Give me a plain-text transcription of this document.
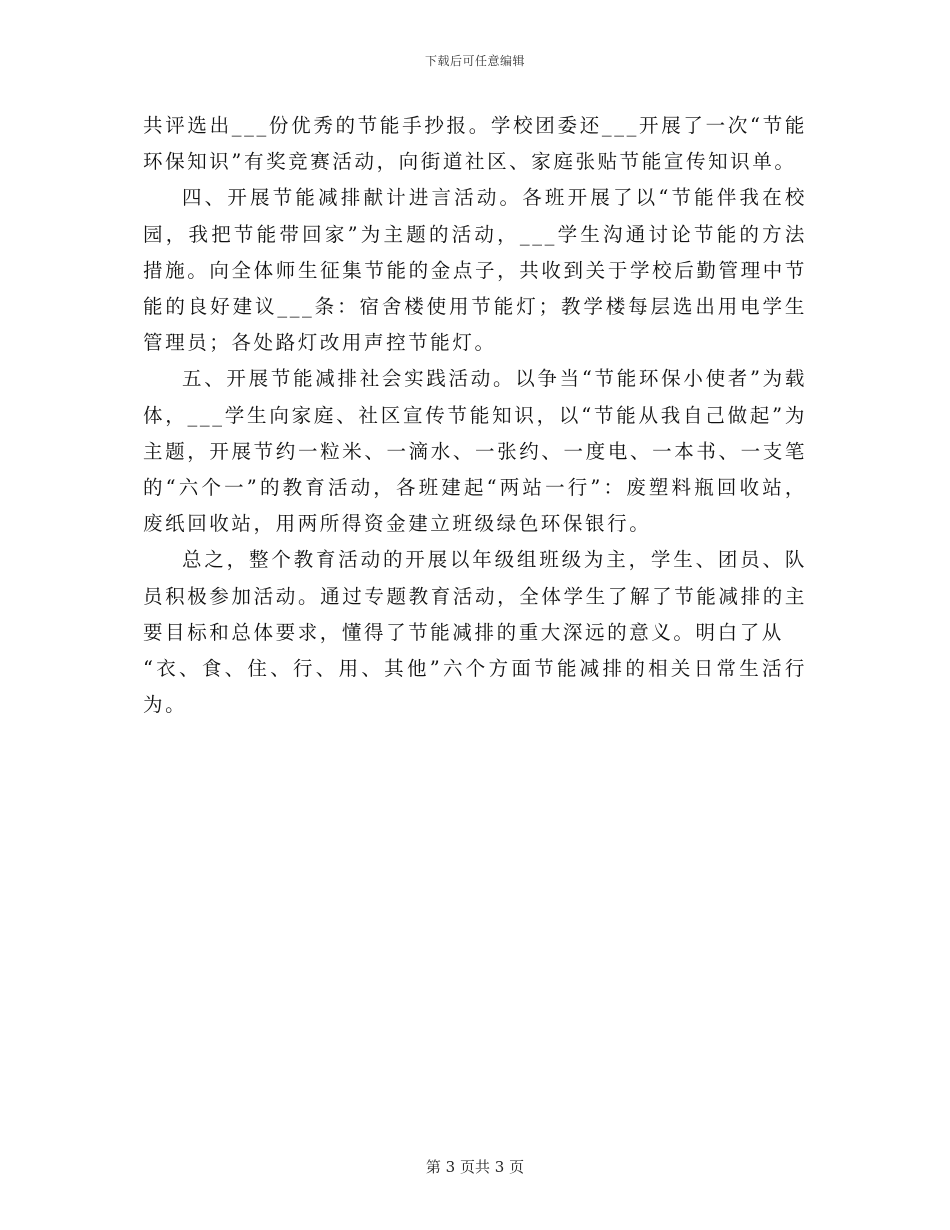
下载后可任意编辑

共评选出___份优秀的节能手抄报。学校团委还___开展了一次“节能环保知识”有奖竞赛活动，向街道社区、家庭张贴节能宣传知识单。

四、开展节能减排献计进言活动。各班开展了以“节能伴我在校园，我把节能带回家”为主题的活动，___学生沟通讨论节能的方法措施。向全体师生征集节能的金点子，共收到关于学校后勤管理中节能的良好建议___条：宿舍楼使用节能灯；教学楼每层选出用电学生管理员；各处路灯改用声控节能灯。

五、开展节能减排社会实践活动。以争当“节能环保小使者”为载体，___学生向家庭、社区宣传节能知识，以“节能从我自己做起”为主题，开展节约一粒米、一滴水、一张约、一度电、一本书、一支笔的“六个一”的教育活动，各班建起“两站一行”：废塑料瓶回收站，废纸回收站，用两所得资金建立班级绿色环保银行。

总之，整个教育活动的开展以年级组班级为主，学生、团员、队员积极参加活动。通过专题教育活动，全体学生了解了节能减排的主要目标和总体要求，懂得了节能减排的重大深远的意义。明白了从
“衣、食、住、行、用、其他”六个方面节能减排的相关日常生活行为。

第 3 页共 3 页
